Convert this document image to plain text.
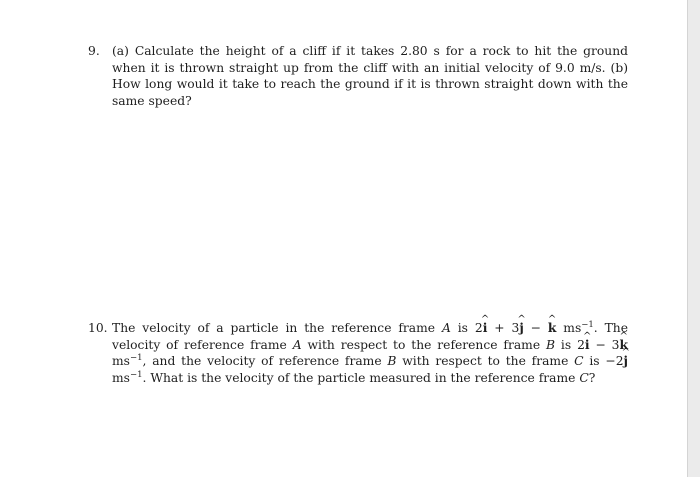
9. (a) Calculate the height of a cliff if it takes 2.80 s for a rock to hit the ground when it is thrown straight up from the cliff with an initial velocity of 9.0 m/s. (b) How long would it take to reach the ground if it is thrown straight down with the same speed?
10. The velocity of a particle in the reference frame A is 2^ i + 3^ j − ^ k $ms^{-1}$. The velocity of reference frame A with respect to the reference frame B is 2^ i − 3^ k $ms^{-1}$, and the velocity of reference frame B with respect to the frame C is −2^ j $ms^{-1}$. What is the velocity of the particle measured in the reference frame C?
